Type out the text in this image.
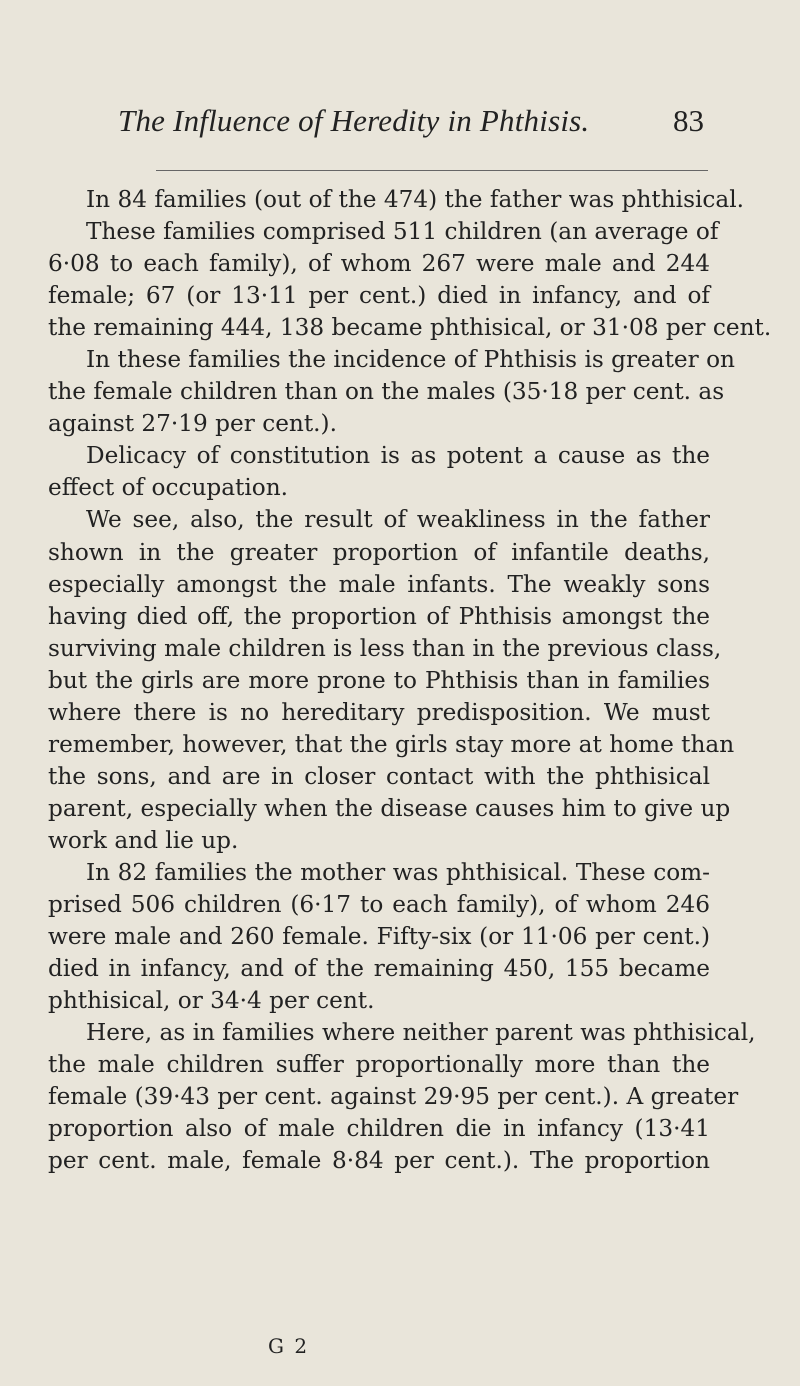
The Influence of Heredity in Phthisis.	83
In 84 families (out of the 474) the father was phthisical.
These families comprised 511 children (an average of
6·08 to each family), of whom 267 were male and 244
female; 67 (or 13·11 per cent.) died in infancy, and of
the remaining 444, 138 became phthisical, or 31·08 per cent.
In these families the incidence of Phthisis is greater on
the female children than on the males (35·18 per cent. as
against 27·19 per cent.).
Delicacy of constitution is as potent a cause as the
effect of occupation.
We see, also, the result of weakliness in the father
shown in the greater proportion of infantile deaths,
especially amongst the male infants. The weakly sons
having died off, the proportion of Phthisis amongst the
surviving male children is less than in the previous class,
but the girls are more prone to Phthisis than in families
where there is no hereditary predisposition. We must
remember, however, that the girls stay more at home than
the sons, and are in closer contact with the phthisical
parent, especially when the disease causes him to give up
work and lie up.
In 82 families the mother was phthisical. These com-
prised 506 children (6·17 to each family), of whom 246
were male and 260 female. Fifty-six (or 11·06 per cent.)
died in infancy, and of the remaining 450, 155 became
phthisical, or 34·4 per cent.
Here, as in families where neither parent was phthisical,
the male children suffer proportionally more than the
female (39·43 per cent. against 29·95 per cent.). A greater
proportion also of male children die in infancy (13·41
per cent. male, female 8·84 per cent.). The proportion
G 2
